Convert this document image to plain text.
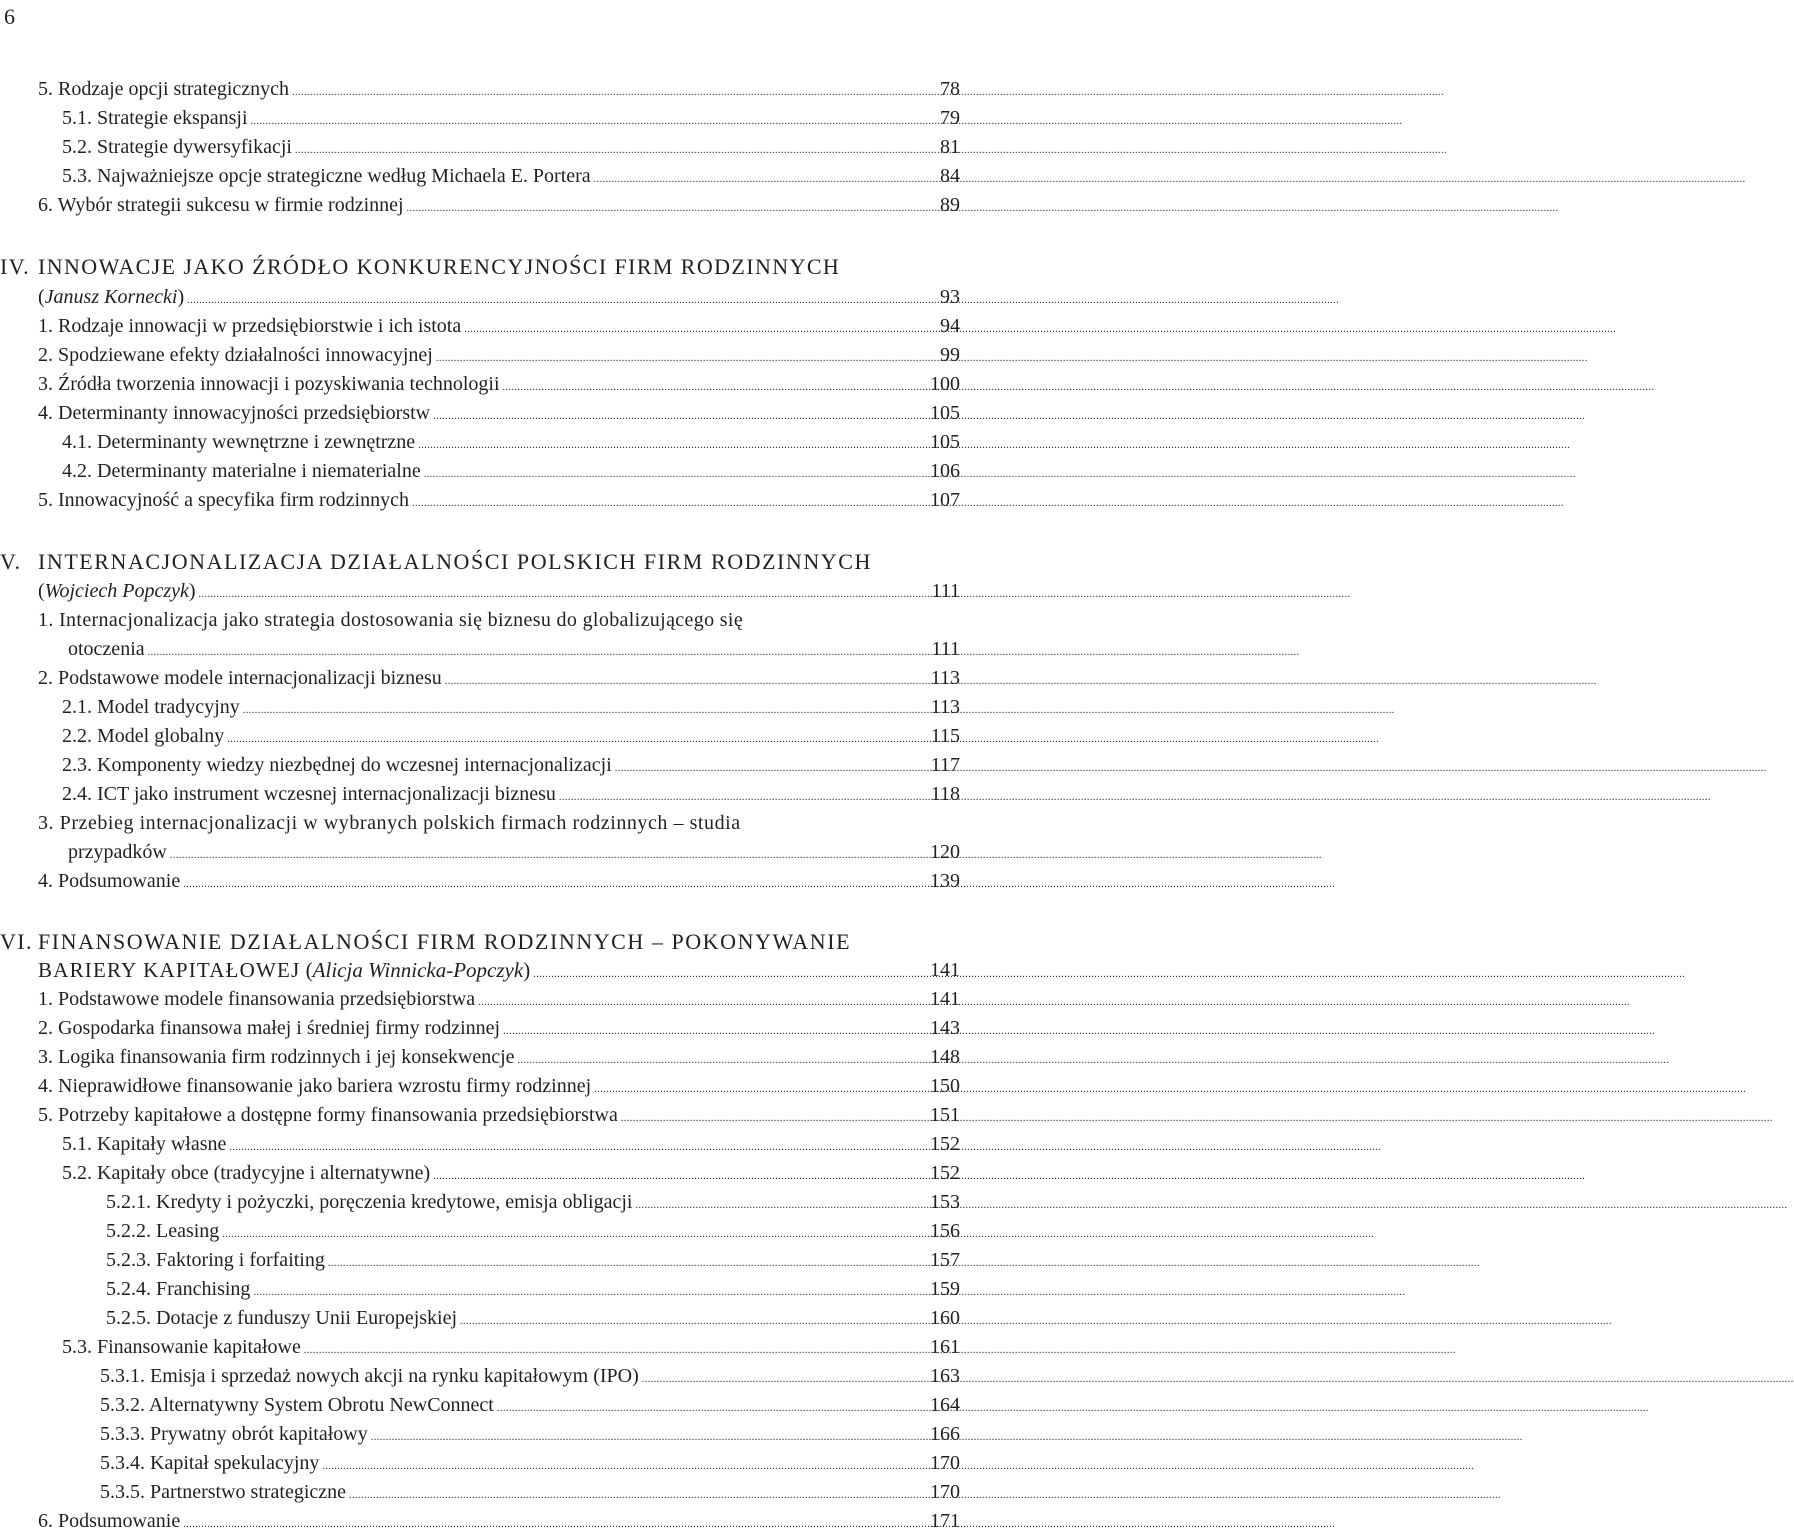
6
5. Rodzaje opcji strategicznych .....	78
5.1. Strategie ekspansji .....	79
5.2. Strategie dywersyfikacji .....	81
5.3. Najważniejsze opcje strategiczne według Michaela E. Portera .....	84
6. Wybór strategii sukcesu w firmie rodzinnej .....	89
IV. INNOWACJE JAKO ŹRÓDŁO KONKURENCYJNOŚCI FIRM RODZINNYCH
(Janusz Kornecki) .....	93
1. Rodzaje innowacji w przedsiębiorstwie i ich istota .....	94
2. Spodziewane efekty działalności innowacyjnej .....	99
3. Źródła tworzenia innowacji i pozyskiwania technologii .....	100
4. Determinanty innowacyjności przedsiębiorstw .....	105
4.1. Determinanty wewnętrzne i zewnętrzne .....	105
4.2. Determinanty materialne i niematerialne .....	106
5. Innowacyjność a specyfika firm rodzinnych .....	107
V. INTERNACJONALIZACJA DZIAŁALNOŚCI POLSKICH FIRM RODZINNYCH
(Wojciech Popczyk) .....	111
1. Internacjonalizacja jako strategia dostosowania się biznesu do globalizującego się
otoczenia .....	111
2. Podstawowe modele internacjonalizacji biznesu .....	113
2.1. Model tradycyjny .....	113
2.2. Model globalny .....	115
2.3. Komponenty wiedzy niezbędnej do wczesnej internacjonalizacji .....	117
2.4. ICT jako instrument wczesnej internacjonalizacji biznesu .....	118
3. Przebieg internacjonalizacji w wybranych polskich firmach rodzinnych – studia
przypadków .....	120
4. Podsumowanie .....	139
VI. FINANSOWANIE DZIAŁALNOŚCI FIRM RODZINNYCH – POKONYWANIE
BARIERY KAPITAŁOWEJ (Alicja Winnicka-Popczyk) .....	141
1. Podstawowe modele finansowania przedsiębiorstwa .....	141
2. Gospodarka finansowa małej i średniej firmy rodzinnej .....	143
3. Logika finansowania firm rodzinnych i jej konsekwencje .....	148
4. Nieprawidłowe finansowanie jako bariera wzrostu firmy rodzinnej .....	150
5. Potrzeby kapitałowe a dostępne formy finansowania przedsiębiorstwa .....	151
5.1. Kapitały własne .....	152
5.2. Kapitały obce (tradycyjne i alternatywne) .....	152
5.2.1. Kredyty i pożyczki, poręczenia kredytowe, emisja obligacji .....	153
5.2.2. Leasing .....	156
5.2.3. Faktoring i forfaiting .....	157
5.2.4. Franchising .....	159
5.2.5. Dotacje z funduszy Unii Europejskiej .....	160
5.3. Finansowanie kapitałowe .....	161
5.3.1. Emisja i sprzedaż nowych akcji na rynku kapitałowym (IPO) .....	163
5.3.2. Alternatywny System Obrotu NewConnect .....	164
5.3.3. Prywatny obrót kapitałowy .....	166
5.3.4. Kapitał spekulacyjny .....	170
5.3.5. Partnerstwo strategiczne .....	170
6. Podsumowanie .....	171
